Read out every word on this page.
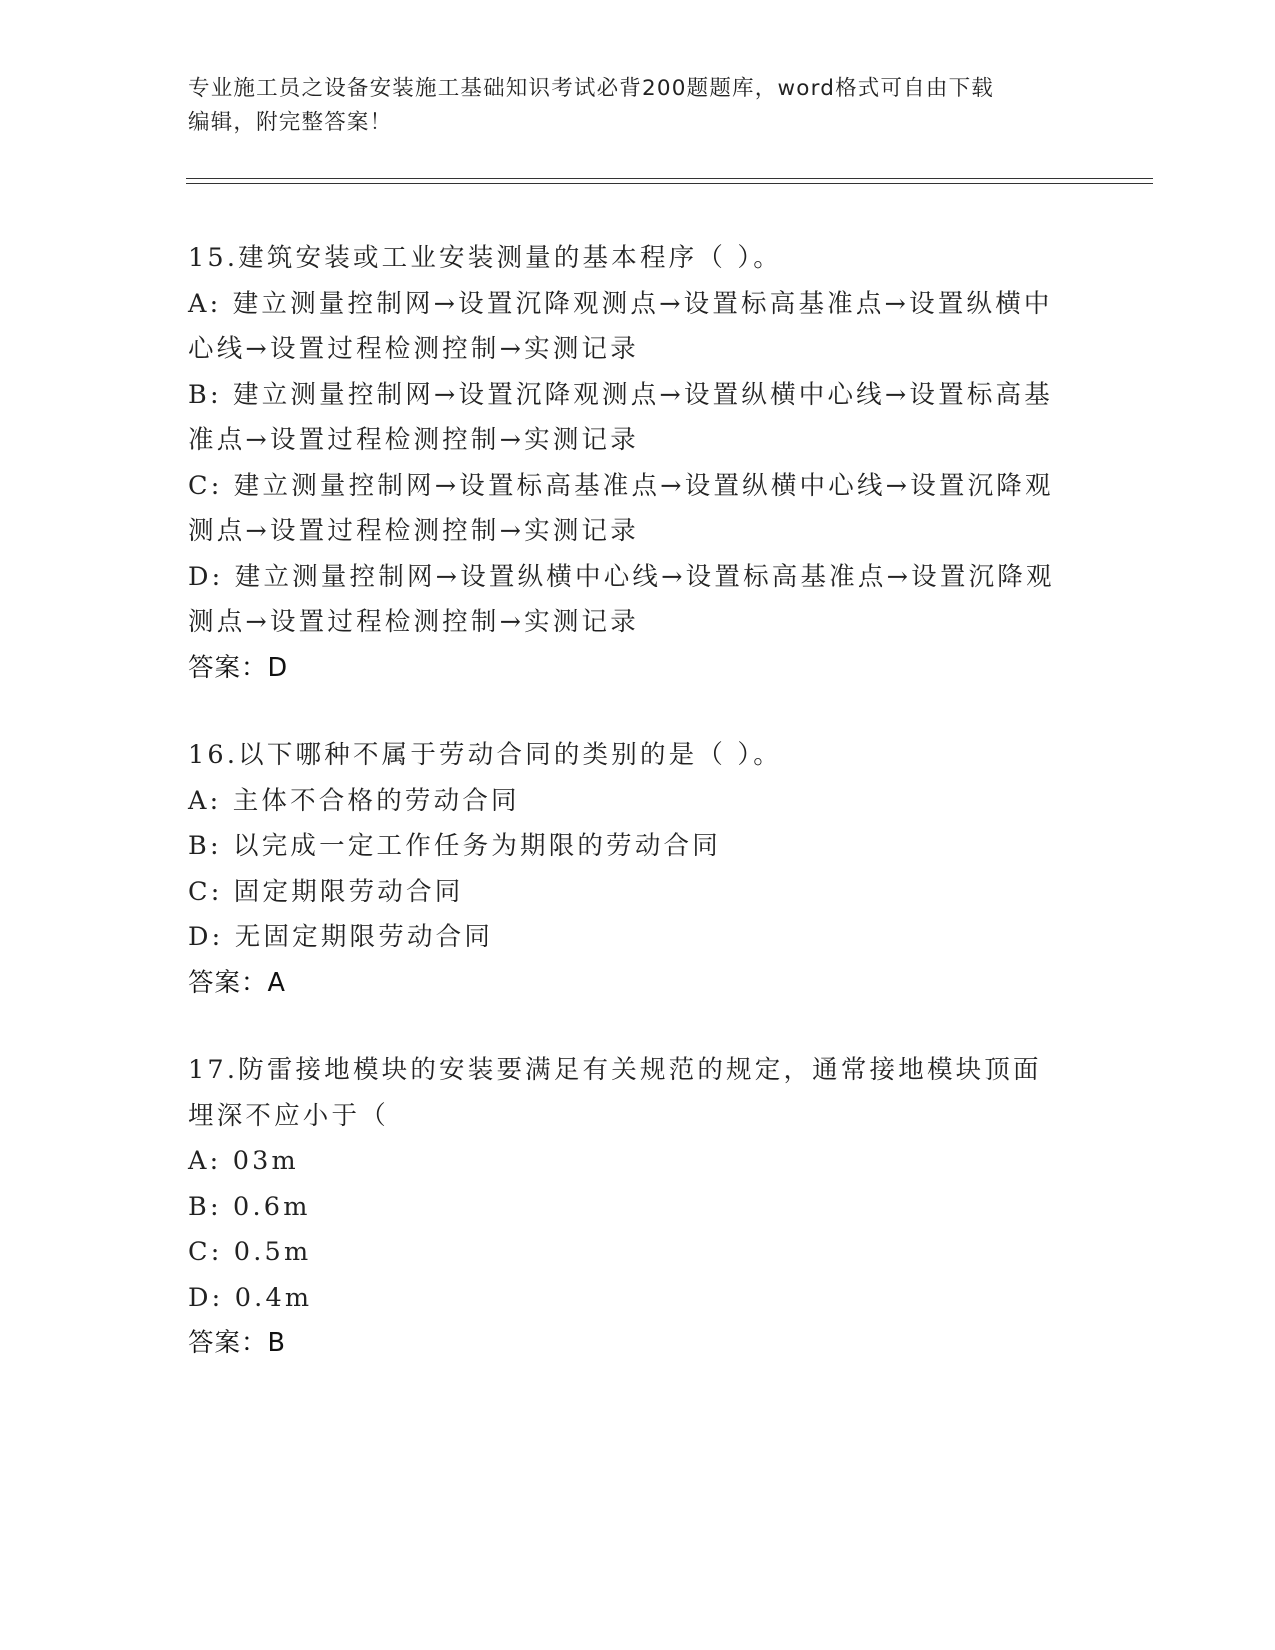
专业施工员之设备安装施工基础知识考试必背200题题库，word格式可自由下载
编辑，附完整答案！

15.建筑安装或工业安装测量的基本程序（ ）。

A: 建立测量控制网→设置沉降观测点→设置标高基准点→设置纵横中心线→设置过程检测控制→实测记录

B: 建立测量控制网→设置沉降观测点→设置纵横中心线→设置标高基准点→设置过程检测控制→实测记录

C: 建立测量控制网→设置标高基准点→设置纵横中心线→设置沉降观测点→设置过程检测控制→实测记录

D: 建立测量控制网→设置纵横中心线→设置标高基准点→设置沉降观测点→设置过程检测控制→实测记录

答案：D

16.以下哪种不属于劳动合同的类别的是（ ）。

A: 主体不合格的劳动合同

B: 以完成一定工作任务为期限的劳动合同

C: 固定期限劳动合同

D: 无固定期限劳动合同

答案：A

17.防雷接地模块的安装要满足有关规范的规定，通常接地模块顶面埋深不应小于（

A: 03m

B: 0.6m

C: 0.5m

D: 0.4m

答案：B
